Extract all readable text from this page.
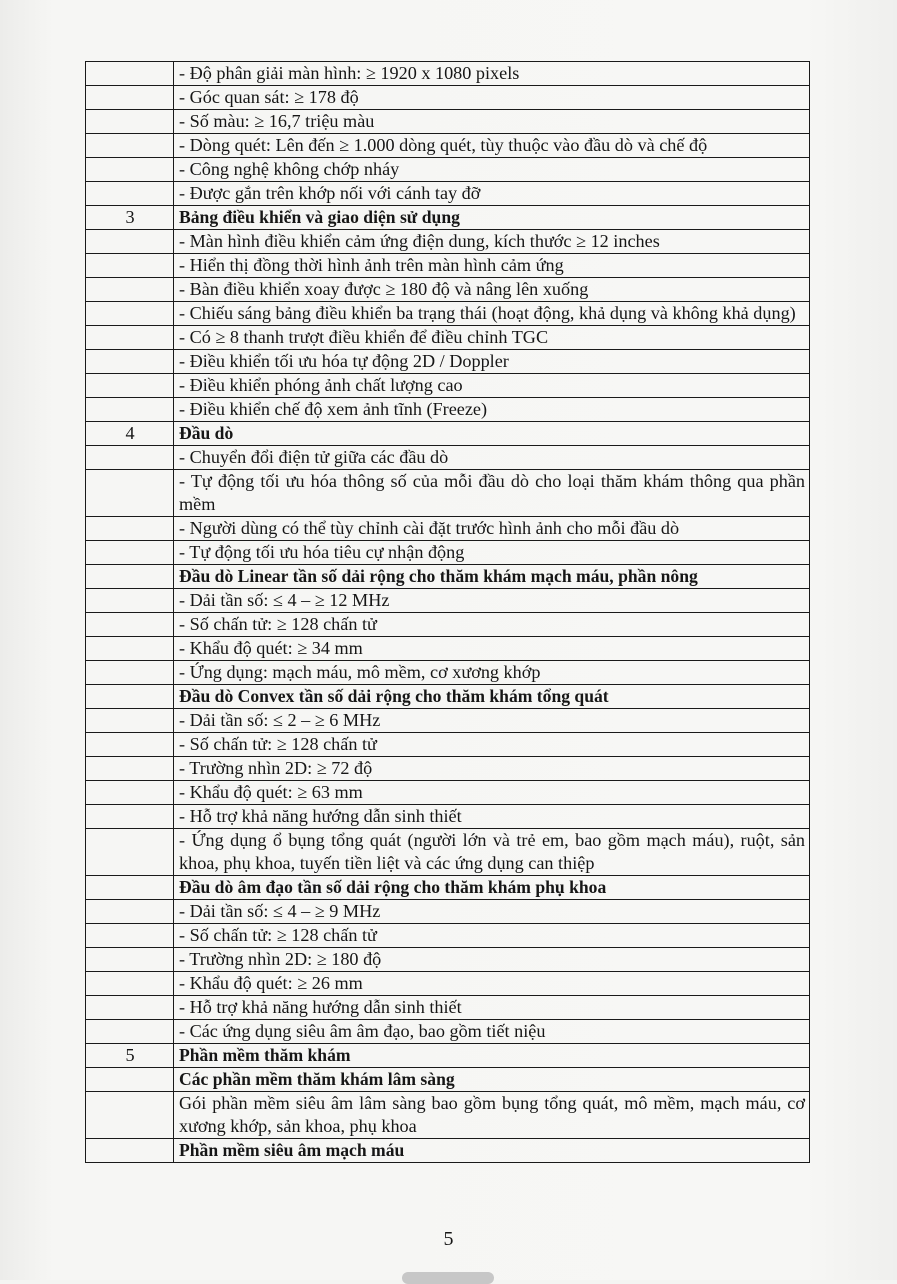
	- Độ phân giải màn hình: ≥ 1920 x 1080 pixels
	- Góc quan sát: ≥ 178 độ
	- Số màu: ≥ 16,7 triệu màu
	- Dòng quét: Lên đến ≥ 1.000 dòng quét, tùy thuộc vào đầu dò và chế độ
	- Công nghệ không chớp nháy
	- Được gắn trên khớp nối với cánh tay đỡ
3	Bảng điều khiển và giao diện sử dụng
	- Màn hình điều khiển cảm ứng điện dung, kích thước ≥ 12 inches
	- Hiển thị đồng thời hình ảnh trên màn hình cảm ứng
	- Bàn điều khiển xoay được ≥ 180 độ và nâng lên xuống
	- Chiếu sáng bảng điều khiển ba trạng thái (hoạt động, khả dụng và không khả dụng)
	- Có ≥ 8 thanh trượt điều khiển để điều chỉnh TGC
	- Điều khiển tối ưu hóa tự động 2D / Doppler
	- Điều khiển phóng ảnh chất lượng cao
	- Điều khiển chế độ xem ảnh tĩnh (Freeze)
4	Đầu dò
	- Chuyển đổi điện tử giữa các đầu dò
	- Tự động tối ưu hóa thông số của mỗi đầu dò cho loại thăm khám thông qua phần mềm
	- Người dùng có thể tùy chỉnh cài đặt trước hình ảnh cho mỗi đầu dò
	- Tự động tối ưu hóa tiêu cự nhận động
	Đầu dò Linear tần số dải rộng cho thăm khám mạch máu, phần nông
	- Dải tần số: ≤ 4 – ≥ 12 MHz
	- Số chấn tử: ≥ 128 chấn tử
	- Khẩu độ quét: ≥ 34 mm
	- Ứng dụng: mạch máu, mô mềm, cơ xương khớp
	Đầu dò Convex tần số dải rộng cho thăm khám tổng quát
	- Dải tần số: ≤ 2 – ≥ 6 MHz
	- Số chấn tử: ≥ 128 chấn tử
	- Trường nhìn 2D: ≥ 72 độ
	- Khẩu độ quét: ≥ 63 mm
	- Hỗ trợ khả năng hướng dẫn sinh thiết
	- Ứng dụng ổ bụng tổng quát (người lớn và trẻ em, bao gồm mạch máu), ruột, sản khoa, phụ khoa, tuyến tiền liệt và các ứng dụng can thiệp
	Đầu dò âm đạo tần số dải rộng cho thăm khám phụ khoa
	- Dải tần số: ≤ 4 – ≥ 9 MHz
	- Số chấn tử: ≥ 128 chấn tử
	- Trường nhìn 2D: ≥ 180 độ
	- Khẩu độ quét: ≥ 26 mm
	- Hỗ trợ khả năng hướng dẫn sinh thiết
	- Các ứng dụng siêu âm âm đạo, bao gồm tiết niệu
5	Phần mềm thăm khám
	Các phần mềm thăm khám lâm sàng
	Gói phần mềm siêu âm lâm sàng bao gồm bụng tổng quát, mô mềm, mạch máu, cơ xương khớp, sản khoa, phụ khoa
	Phần mềm siêu âm mạch máu
5
